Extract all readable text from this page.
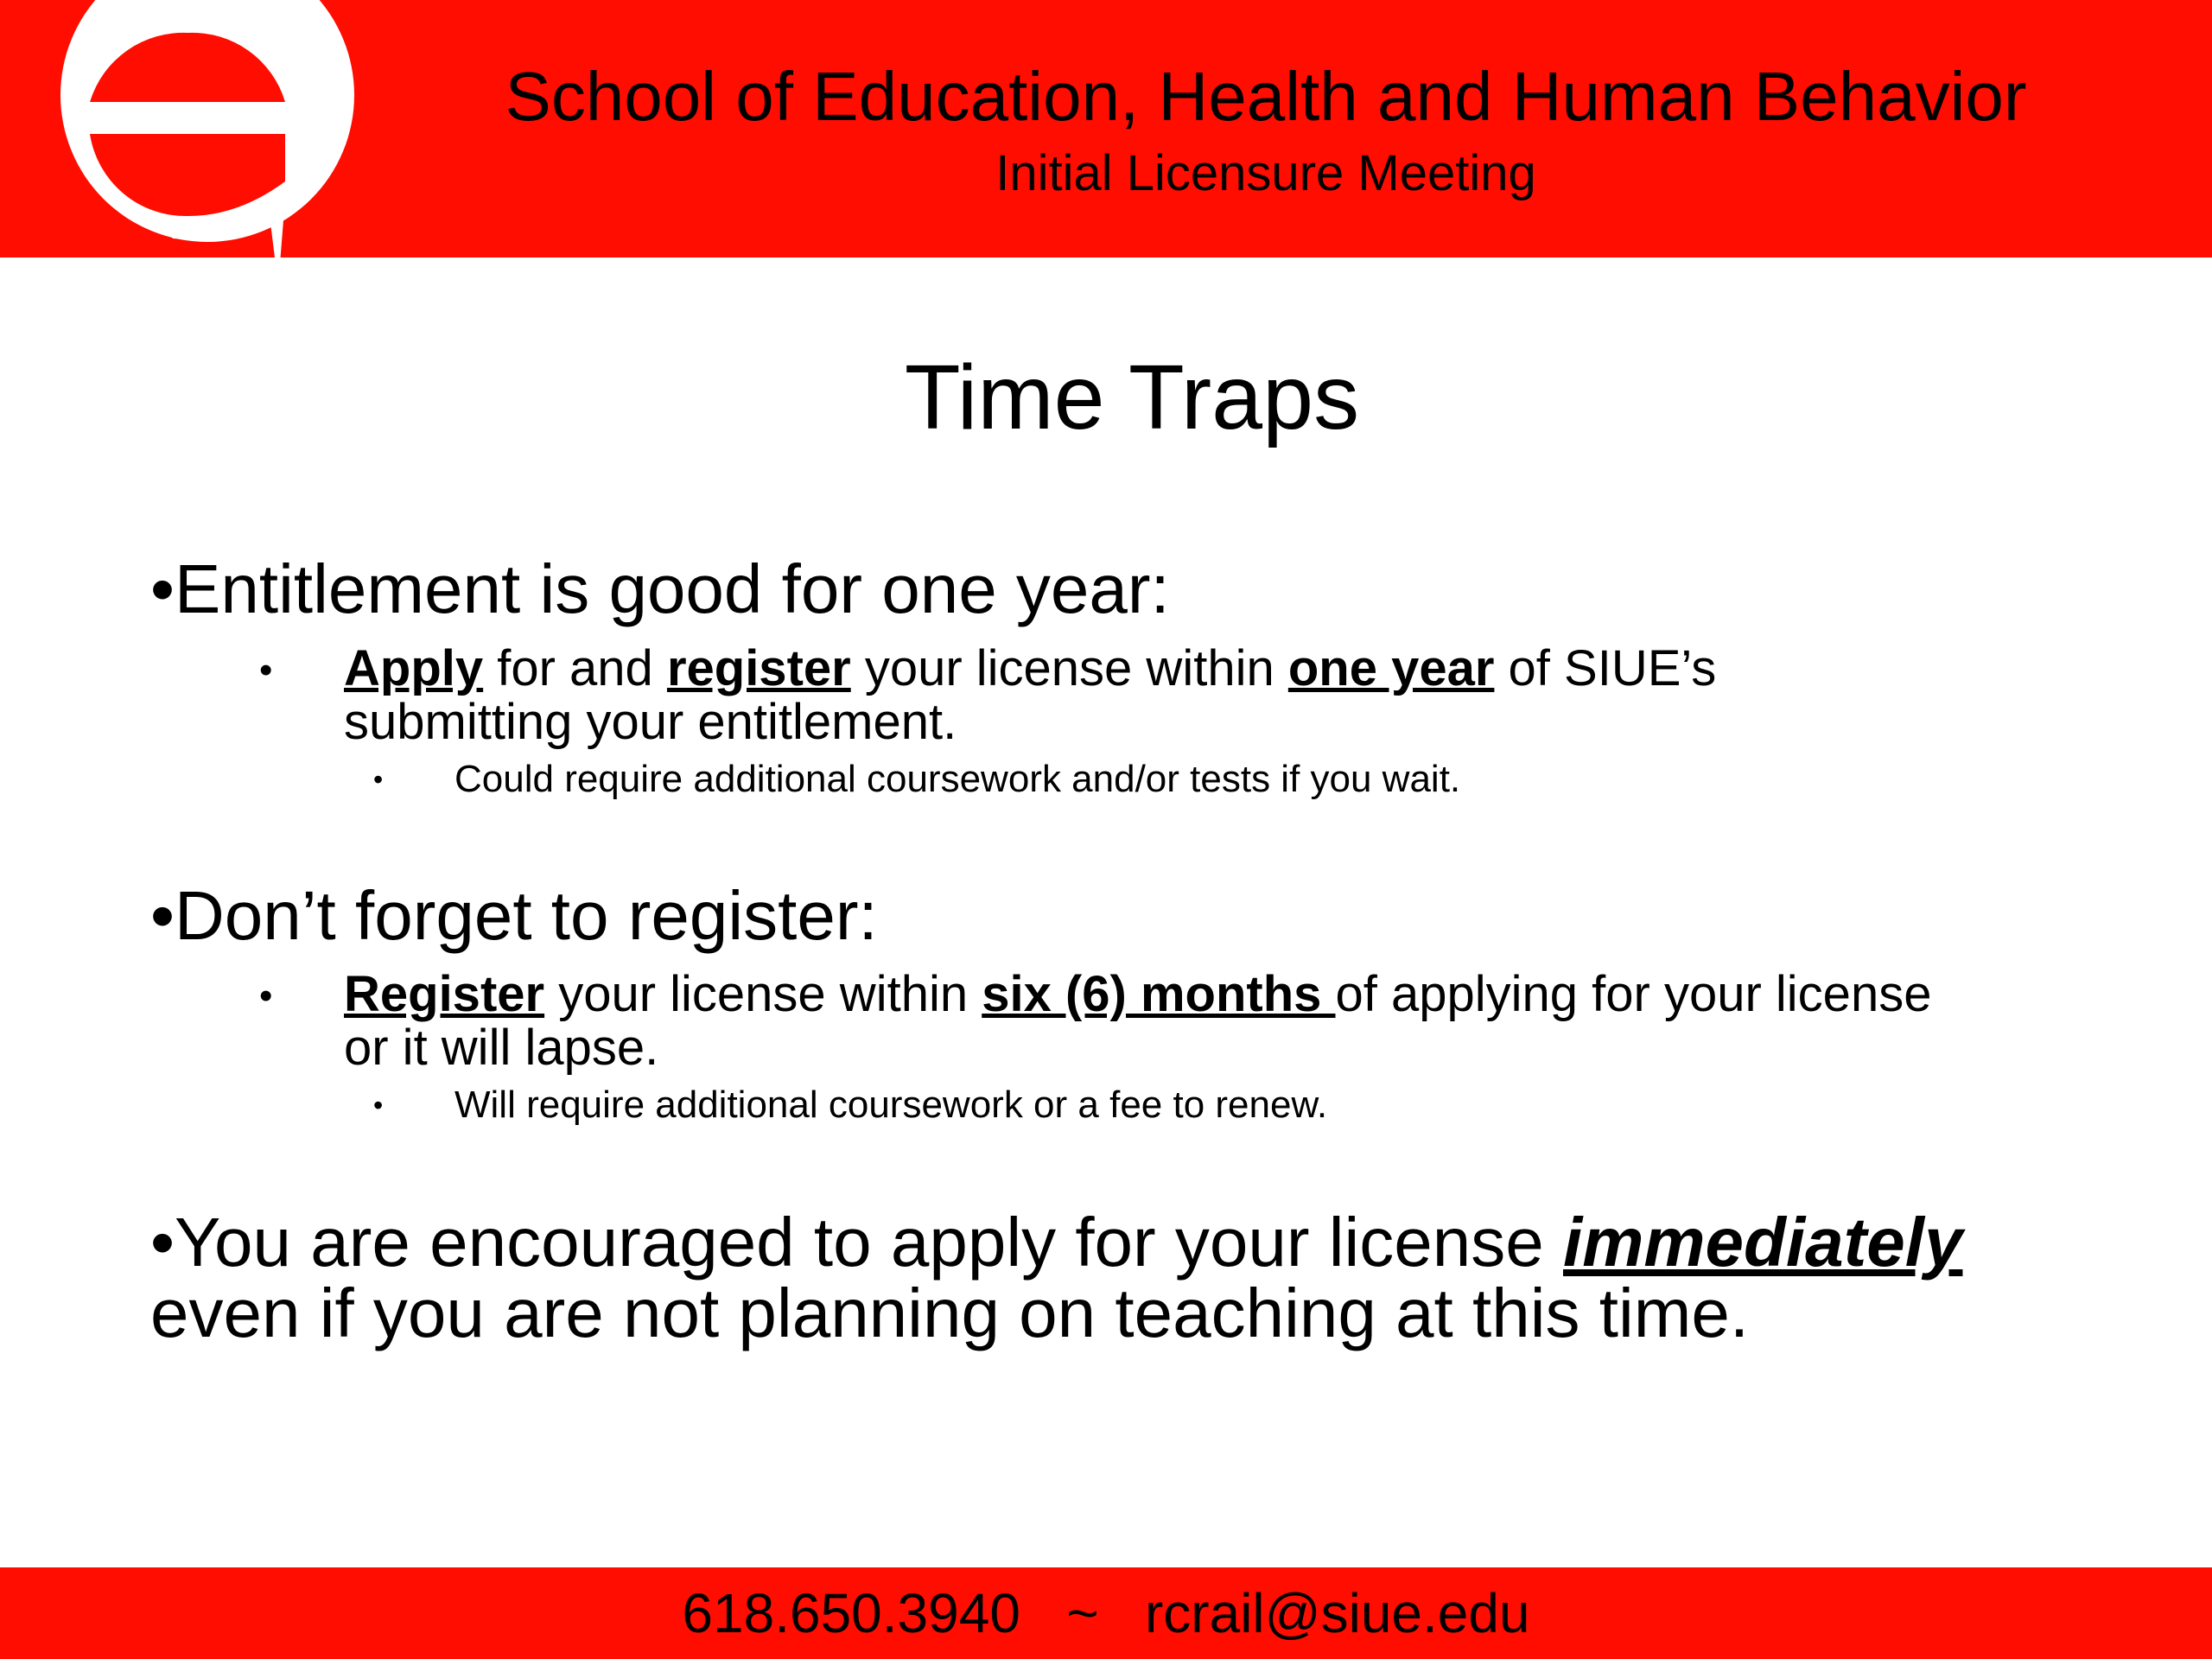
School of Education, Health and Human Behavior
Initial Licensure Meeting
Time Traps
•Entitlement is good for one year:
• Apply for and register your license within one year of SIUE’s
submitting your entitlement.
• Could require additional coursework and/or tests if you wait.
•Don’t forget to register:
• Register your license within six (6) months of applying for your license
or it will lapse.
• Will require additional coursework or a fee to renew.
•You are encouraged to apply for your license immediately
even if you are not planning on teaching at this time.
618.650.3940 ~ rcrail@siue.edu
